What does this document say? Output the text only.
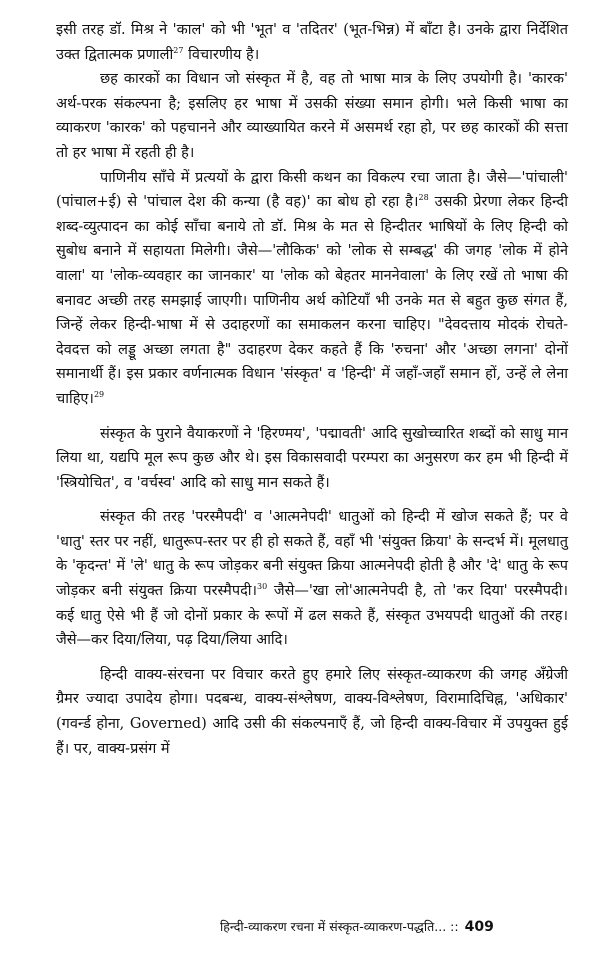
इसी तरह डॉ. मिश्र ने 'काल' को भी 'भूत' व 'तदितर' (भूत-भिन्न) में बाँटा है। उनके द्वारा निर्देशित उक्त द्वितात्मक प्रणाली$^{27}$ विचारणीय है।

छह कारकों का विधान जो संस्कृत में है, वह तो भाषा मात्र के लिए उपयोगी है। 'कारक' अर्थ-परक संकल्पना है; इसलिए हर भाषा में उसकी संख्या समान होगी। भले किसी भाषा का व्याकरण 'कारक' को पहचानने और व्याख्यायित करने में असमर्थ रहा हो, पर छह कारकों की सत्ता तो हर भाषा में रहती ही है।

पाणिनीय साँचे में प्रत्ययों के द्वारा किसी कथन का विकल्प रचा जाता है। जैसे—'पांचाली' (पांचाल+ई) से 'पांचाल देश की कन्या (है वह)' का बोध हो रहा है।$^{28}$ उसकी प्रेरणा लेकर हिन्दी शब्द-व्युत्पादन का कोई साँचा बनाये तो डॉ. मिश्र के मत से हिन्दीतर भाषियों के लिए हिन्दी को सुबोध बनाने में सहायता मिलेगी। जैसे—'लौकिक' को 'लोक से सम्बद्ध' की जगह 'लोक में होने वाला' या 'लोक-व्यवहार का जानकार' या 'लोक को बेहतर माननेवाला' के लिए रखें तो भाषा की बनावट अच्छी तरह समझाई जाएगी। पाणिनीय अर्थ कोटियाँ भी उनके मत से बहुत कुछ संगत हैं, जिन्हें लेकर हिन्दी-भाषा में से उदाहरणों का समाकलन करना चाहिए। "देवदत्ताय मोदकं रोचते-देवदत्त को लड्डू अच्छा लगता है" उदाहरण देकर कहते हैं कि 'रुचना' और 'अच्छा लगना' दोनों समानार्थी हैं। इस प्रकार वर्णनात्मक विधान 'संस्कृत' व 'हिन्दी' में जहाँ-जहाँ समान हों, उन्हें ले लेना चाहिए।$^{29}$

संस्कृत के पुराने वैयाकरणों ने 'हिरण्मय', 'पद्मावती' आदि सुखोच्चारित शब्दों को साधु मान लिया था, यद्यपि मूल रूप कुछ और थे। इस विकासवादी परम्परा का अनुसरण कर हम भी हिन्दी में 'स्त्रियोचित', व 'वर्चस्व' आदि को साधु मान सकते हैं।

संस्कृत की तरह 'परस्मैपदी' व 'आत्मनेपदी' धातुओं को हिन्दी में खोज सकते हैं; पर वे 'धातु' स्तर पर नहीं, धातुरूप-स्तर पर ही हो सकते हैं, वहाँ भी 'संयुक्त क्रिया' के सन्दर्भ में। मूलधातु के 'कृदन्त' में 'ले' धातु के रूप जोड़कर बनी संयुक्त क्रिया आत्मनेपदी होती है और 'दे' धातु के रूप जोड़कर बनी संयुक्त क्रिया परस्मैपदी।$^{30}$ जैसे—'खा लो'आत्मनेपदी है, तो 'कर दिया' परस्मैपदी। कई धातु ऐसे भी हैं जो दोनों प्रकार के रूपों में ढल सकते हैं, संस्कृत उभयपदी धातुओं की तरह। जैसे—कर दिया/लिया, पढ़ दिया/लिया आदि।

हिन्दी वाक्य-संरचना पर विचार करते हुए हमारे लिए संस्कृत-व्याकरण की जगह अँग्रेजी ग्रैमर ज्यादा उपादेय होगा। पदबन्ध, वाक्य-संश्लेषण, वाक्य-विश्लेषण, विरामादिचिह्न, 'अधिकार' (गवर्न्ड होना, Governed) आदि उसी की संकल्पनाएँ हैं, जो हिन्दी वाक्य-विचार में उपयुक्त हुई हैं। पर, वाक्य-प्रसंग में

हिन्दी-व्याकरण रचना में संस्कृत-व्याकरण-पद्धति... :: 409
